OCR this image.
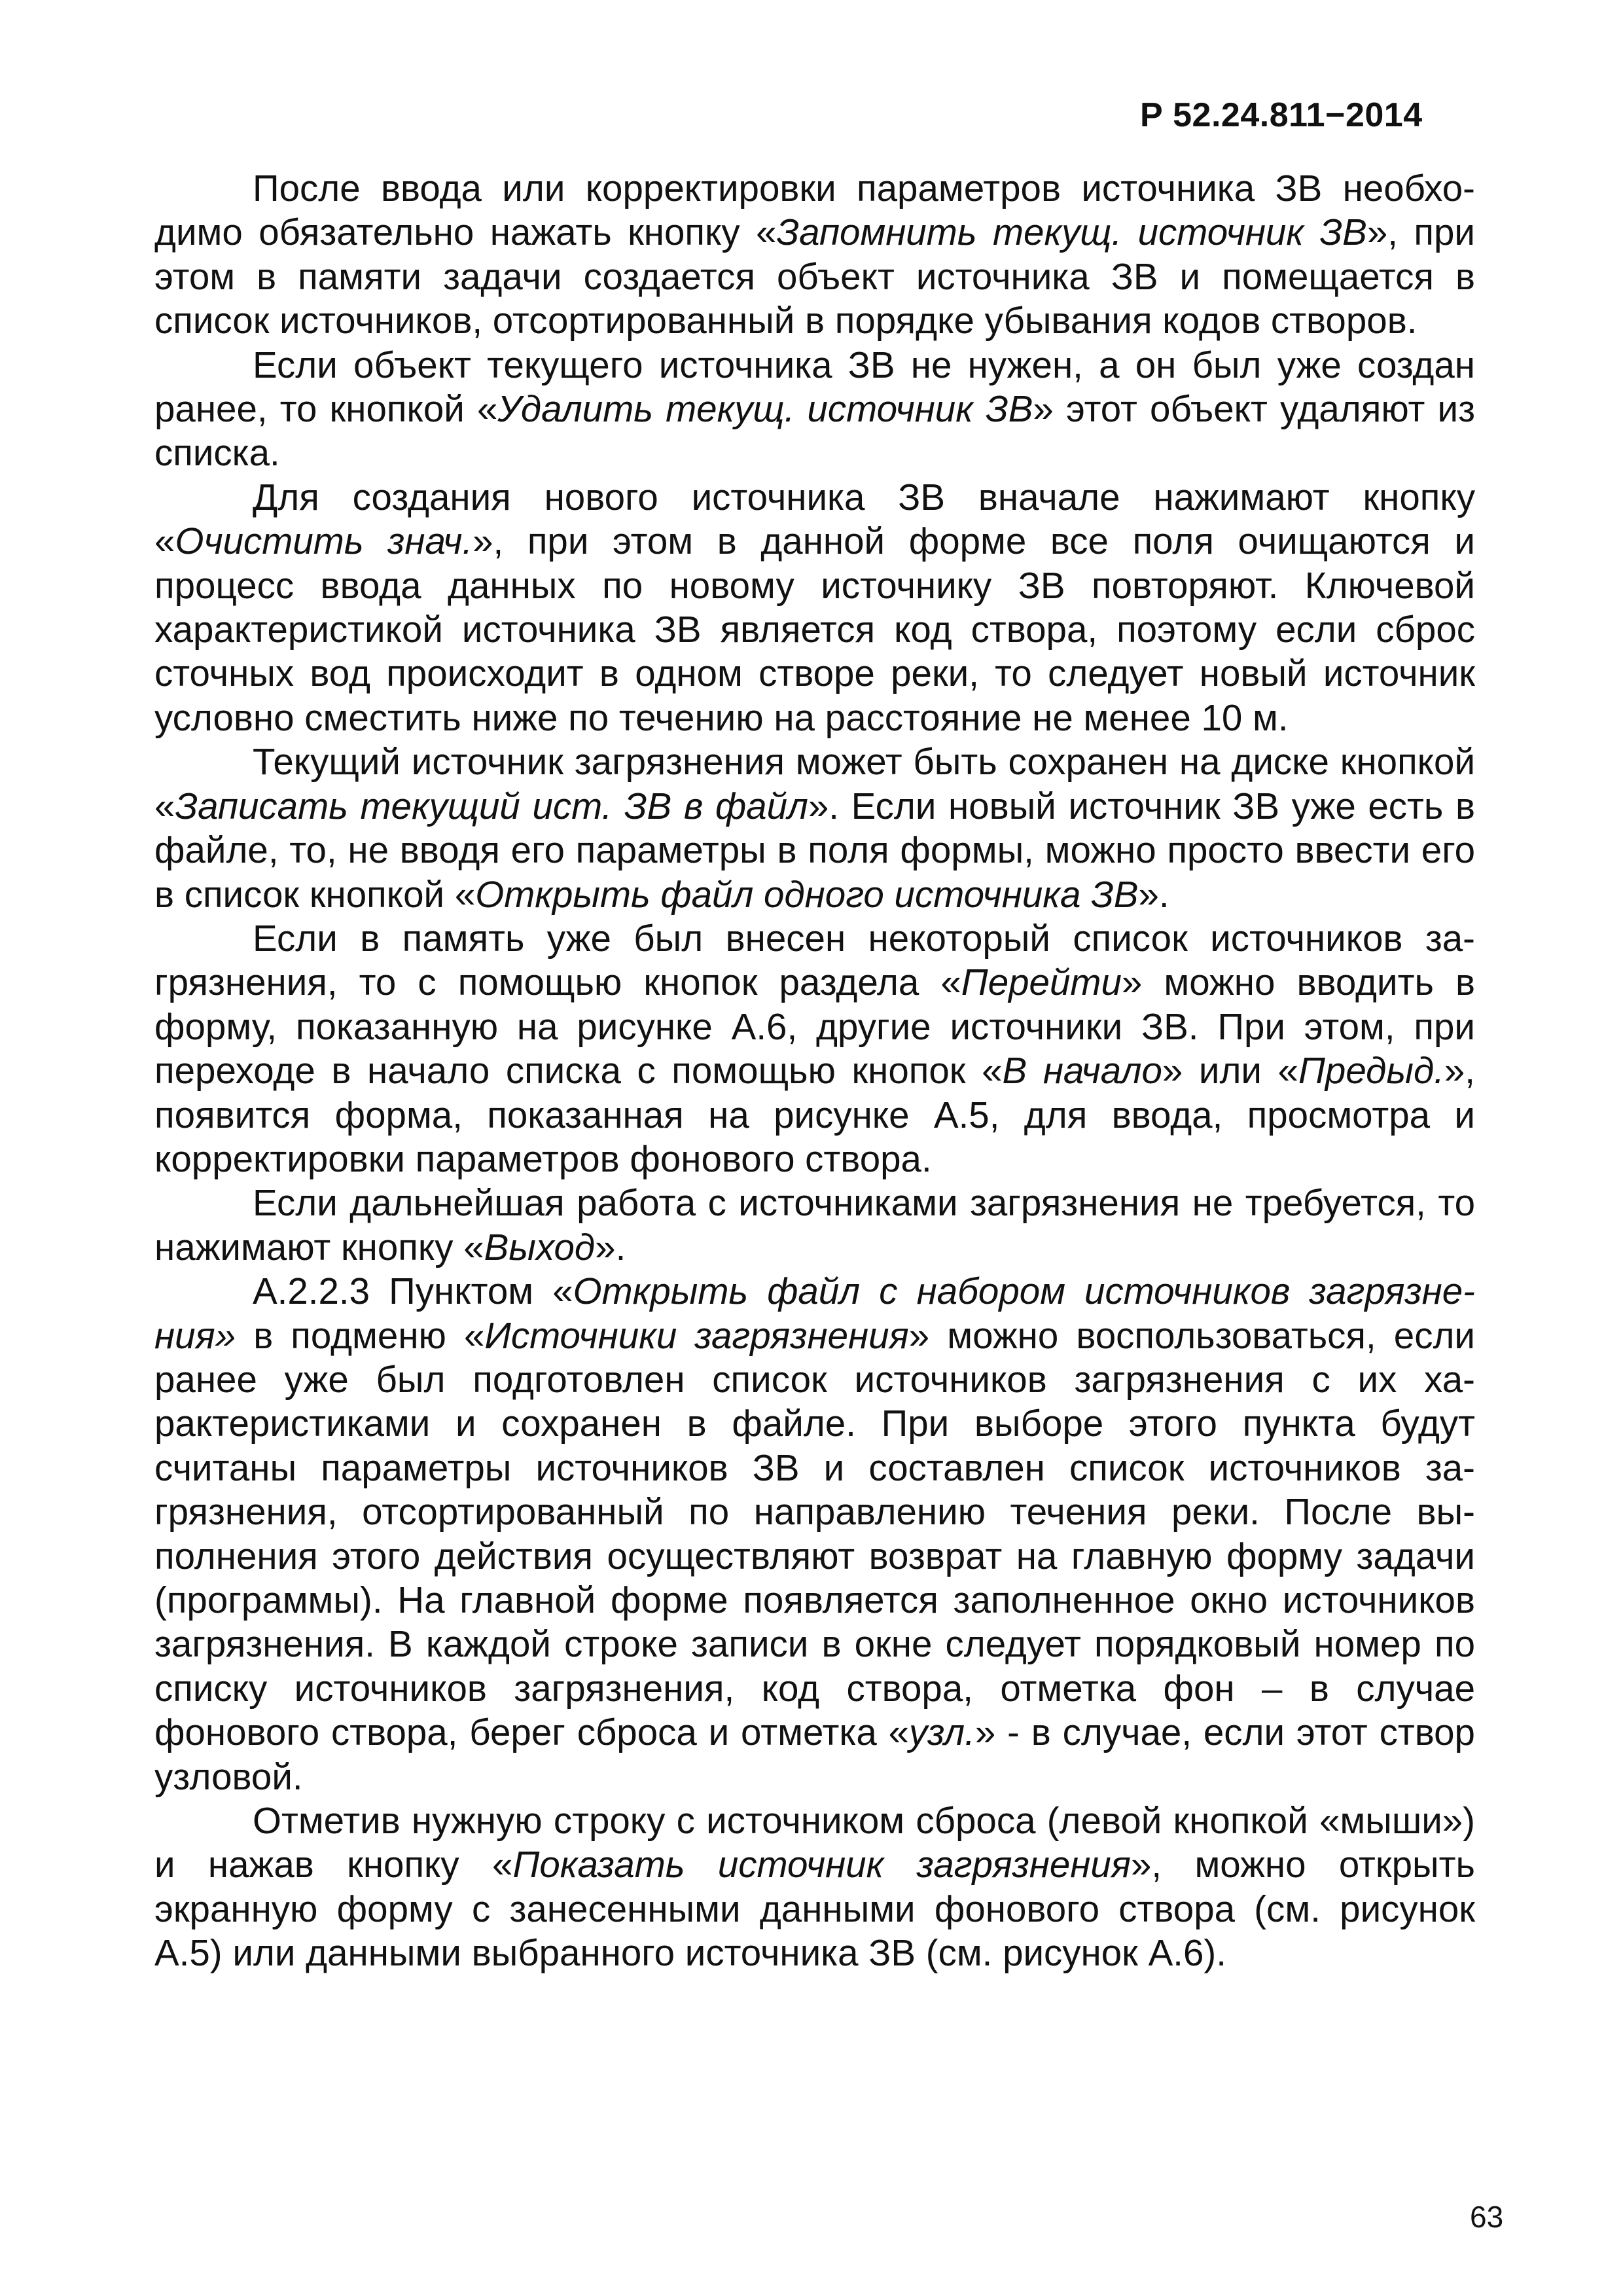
Р 52.24.811−2014

После ввода или корректировки параметров источника ЗВ необходимо обязательно нажать кнопку «Запомнить текущ. источник ЗВ», при этом в памяти задачи создается объект источника ЗВ и помещается в список источников, отсортированный в порядке убывания кодов створов.

Если объект текущего источника ЗВ не нужен, а он был уже создан ранее, то кнопкой «Удалить текущ. источник ЗВ» этот объект удаляют из списка.

Для создания нового источника ЗВ вначале нажимают кнопку «Очистить знач.», при этом в данной форме все поля очищаются и процесс ввода данных по новому источнику ЗВ повторяют. Ключевой характеристикой источника ЗВ является код створа, поэтому если сброс сточных вод происходит в одном створе реки, то следует новый источник условно сместить ниже по течению на расстояние не менее 10 м.

Текущий источник загрязнения может быть сохранен на диске кнопкой «Записать текущий ист. ЗВ в файл». Если новый источник ЗВ уже есть в файле, то, не вводя его параметры в поля формы, можно просто ввести его в список кнопкой «Открыть файл одного источника ЗВ».

Если в память уже был внесен некоторый список источников загрязнения, то с помощью кнопок раздела «Перейти» можно вводить в форму, показанную на рисунке А.6, другие источники ЗВ. При этом, при переходе в начало списка с помощью кнопок «В начало» или «Предыд.», появится форма, показанная на рисунке А.5, для ввода, просмотра и корректировки параметров фонового створа.

Если дальнейшая работа с источниками загрязнения не требуется, то нажимают кнопку «Выход».

А.2.2.3 Пунктом «Открыть файл с набором источников загрязнения» в подменю «Источники загрязнения» можно воспользоваться, если ранее уже был подготовлен список источников загрязнения с их характеристиками и сохранен в файле. При выборе этого пункта будут считаны параметры источников ЗВ и составлен список источников загрязнения, отсортированный по направлению течения реки. После выполнения этого действия осуществляют возврат на главную форму задачи (программы). На главной форме появляется заполненное окно источников загрязнения. В каждой строке записи в окне следует порядковый номер по списку источников загрязнения, код створа, отметка фон – в случае фонового створа, берег сброса и отметка «узл.» - в случае, если этот створ узловой.

Отметив нужную строку с источником сброса (левой кнопкой «мыши») и нажав кнопку «Показать источник загрязнения», можно открыть экранную форму с занесенными данными фонового створа (см. рисунок А.5) или данными выбранного источника ЗВ (см. рисунок А.6).

63
